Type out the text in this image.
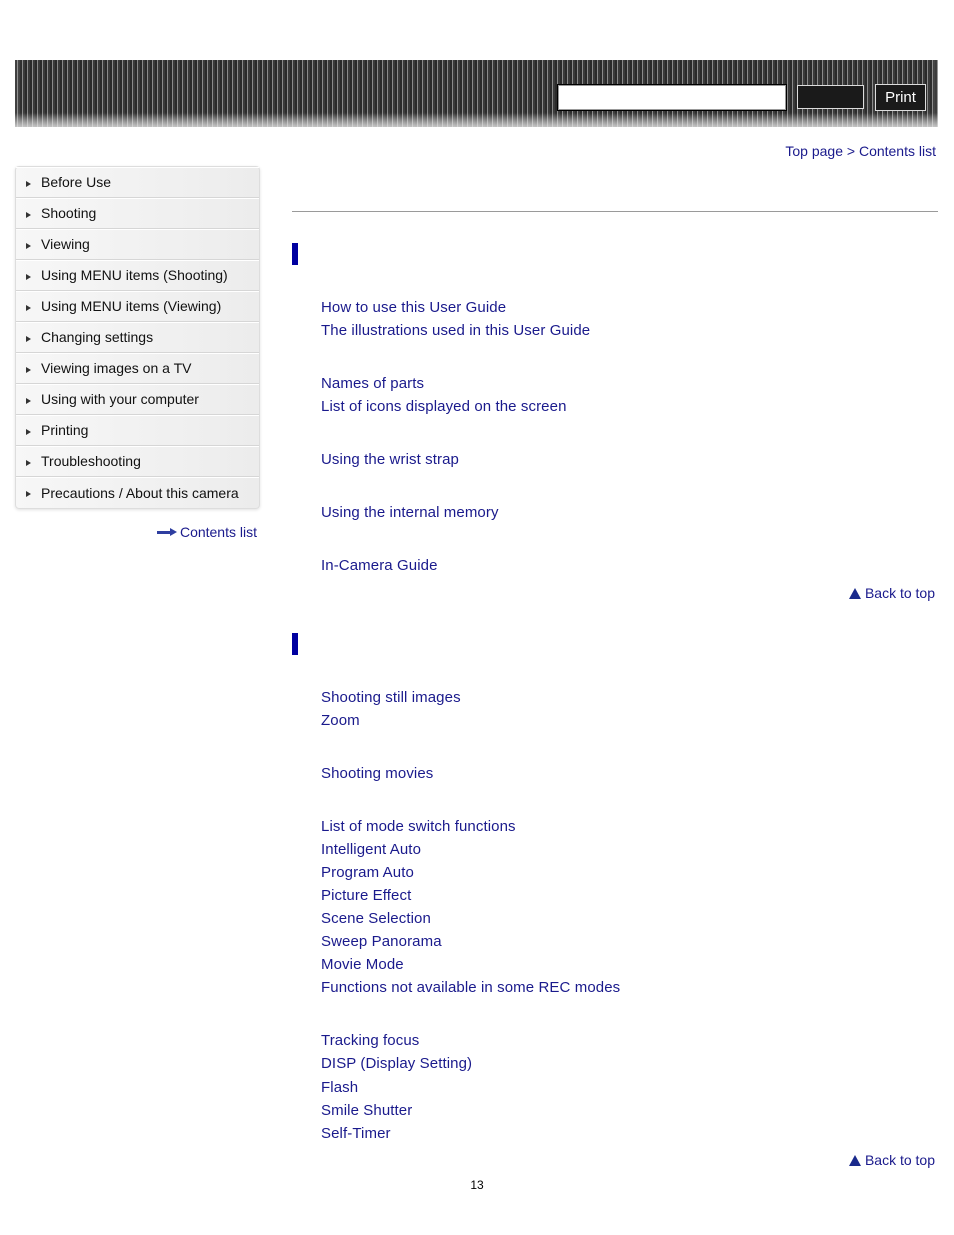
Print
Top page > Contents list
Before Use
Shooting
Viewing
Using MENU items (Shooting)
Using MENU items (Viewing)
Changing settings
Viewing images on a TV
Using with your computer
Printing
Troubleshooting
Precautions / About this camera
Contents list
How to use this User Guide
The illustrations used in this User Guide
Names of parts
List of icons displayed on the screen
Using the wrist strap
Using the internal memory
In-Camera Guide
Back to top
Shooting still images
Zoom
Shooting movies
List of mode switch functions
Intelligent Auto
Program Auto
Picture Effect
Scene Selection
Sweep Panorama
Movie Mode
Functions not available in some REC modes
Tracking focus
DISP (Display Setting)
Flash
Smile Shutter
Self-Timer
Back to top
13
